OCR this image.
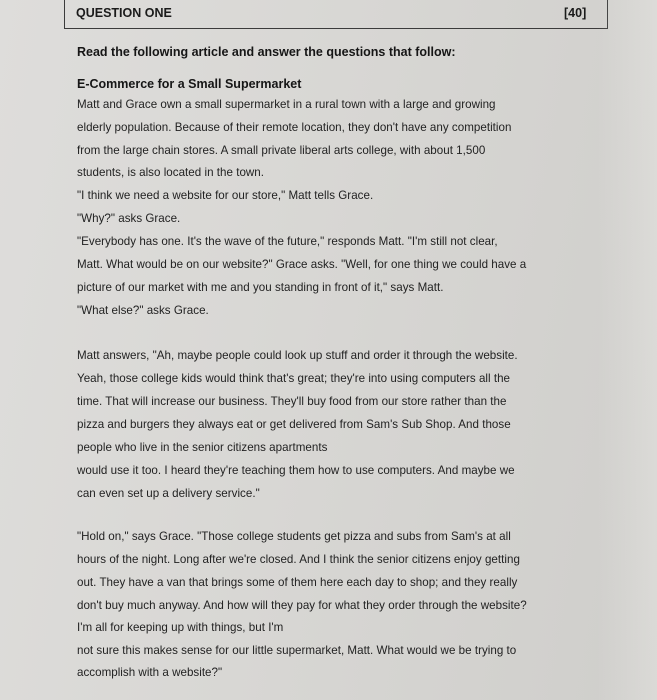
QUESTION ONE	[40]
Read the following article and answer the questions that follow:
E-Commerce for a Small Supermarket
Matt and Grace own a small supermarket in a rural town with a large and growing
elderly population. Because of their remote location, they don't have any competition
from the large chain stores. A small private liberal arts college, with about 1,500
students, is also located in the town.
"I think we need a website for our store," Matt tells Grace.
"Why?" asks Grace.
"Everybody has one. It's the wave of the future," responds Matt. "I'm still not clear,
Matt. What would be on our website?" Grace asks. "Well, for one thing we could have a
picture of our market with me and you standing in front of it," says Matt.
"What else?" asks Grace.
Matt answers, "Ah, maybe people could look up stuff and order it through the website.
Yeah, those college kids would think that's great; they're into using computers all the
time. That will increase our business. They'll buy food from our store rather than the
pizza and burgers they always eat or get delivered from Sam's Sub Shop. And those
people who live in the senior citizens apartments
would use it too. I heard they're teaching them how to use computers. And maybe we
can even set up a delivery service."
"Hold on," says Grace. "Those college students get pizza and subs from Sam's at all
hours of the night. Long after we're closed. And I think the senior citizens enjoy getting
out. They have a van that brings some of them here each day to shop; and they really
don't buy much anyway. And how will they pay for what they order through the website?
I'm all for keeping up with things, but I'm
not sure this makes sense for our little supermarket, Matt. What would we be trying to
accomplish with a website?"
